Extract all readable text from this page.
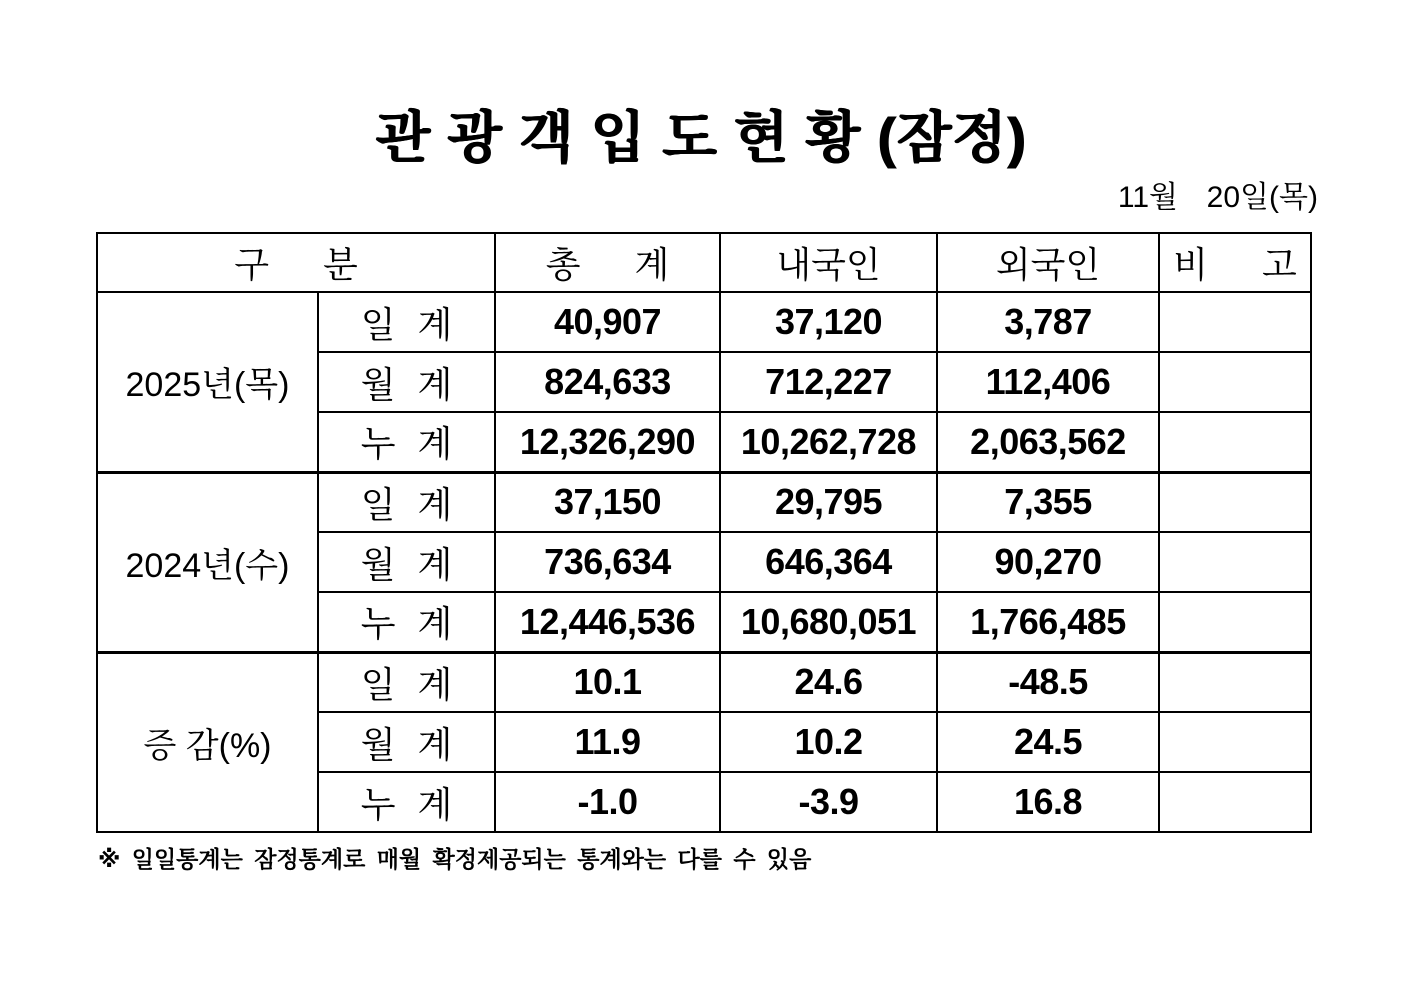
관 광 객 입 도 현 황 (잠정)
11월  20일(목)
구 분		총 계	내국인	외국인	비 고
2025년(목)	일 계	40,907	37,120	3,787	
	월 계	824,633	712,227	112,406	
	누 계	12,326,290	10,262,728	2,063,562	
2024년(수)	일 계	37,150	29,795	7,355	
	월 계	736,634	646,364	90,270	
	누 계	12,446,536	10,680,051	1,766,485	
증 감(%)	일 계	10.1	24.6	-48.5	
	월 계	11.9	10.2	24.5	
	누 계	-1.0	-3.9	16.8	
※ 일일통계는 잠정통계로 매월 확정제공되는 통계와는 다를 수 있음
